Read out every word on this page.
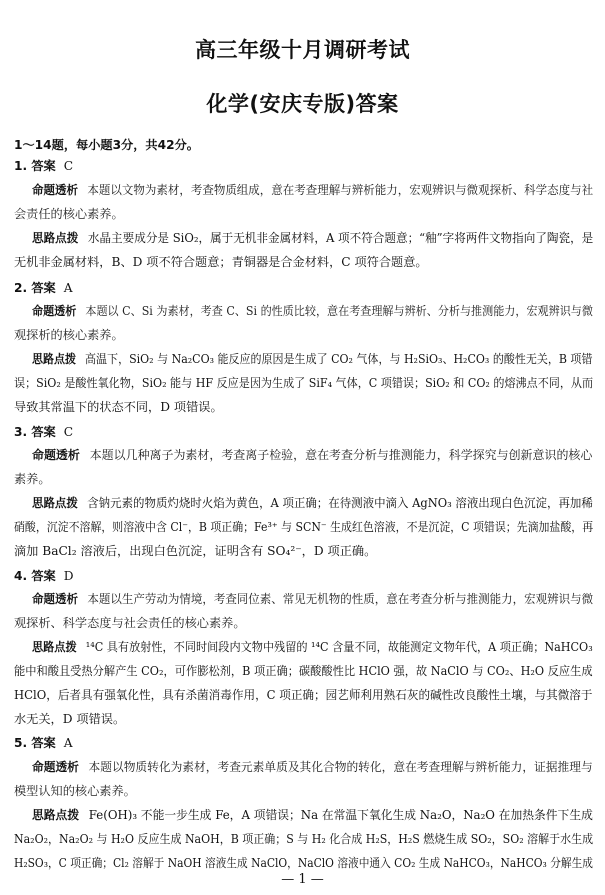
高三年级十月调研考试
化学(安庆专版)答案
1～14题，每小题3分，共42分。
1. 答案 C
命题透析 本题以文物为素材，考查物质组成，意在考查理解与辨析能力，宏观辨识与微观探析、科学态度与社
会责任的核心素养。
思路点拨 水晶主要成分是 SiO₂，属于无机非金属材料，A 项不符合题意；“釉”字将两件文物指向了陶瓷，是
无机非金属材料，B、D 项不符合题意；青铜器是合金材料，C 项符合题意。
2. 答案 A
命题透析 本题以 C、Si 为素材，考查 C、Si 的性质比较，意在考查理解与辨析、分析与推测能力，宏观辨识与微
观探析的核心素养。
思路点拨 高温下，SiO₂ 与 Na₂CO₃ 能反应的原因是生成了 CO₂ 气体，与 H₂SiO₃、H₂CO₃ 的酸性无关，B 项错
误；SiO₂ 是酸性氧化物，SiO₂ 能与 HF 反应是因为生成了 SiF₄ 气体，C 项错误；SiO₂ 和 CO₂ 的熔沸点不同，从而
导致其常温下的状态不同，D 项错误。
3. 答案 C
命题透析 本题以几种离子为素材，考查离子检验，意在考查分析与推测能力，科学探究与创新意识的核心
素养。
思路点拨 含钠元素的物质灼烧时火焰为黄色，A 项正确；在待测液中滴入 AgNO₃ 溶液出现白色沉淀，再加稀
硝酸，沉淀不溶解，则溶液中含 Cl⁻，B 项正确；Fe³⁺ 与 SCN⁻ 生成红色溶液，不是沉淀，C 项错误；先滴加盐酸，再
滴加 BaCl₂ 溶液后，出现白色沉淀，证明含有 SO₄²⁻，D 项正确。
4. 答案 D
命题透析 本题以生产劳动为情境，考查同位素、常见无机物的性质，意在考查分析与推测能力，宏观辨识与微
观探析、科学态度与社会责任的核心素养。
思路点拨 ¹⁴C 具有放射性，不同时间段内文物中残留的 ¹⁴C 含量不同，故能测定文物年代，A 项正确；NaHCO₃
能中和酸且受热分解产生 CO₂，可作膨松剂，B 项正确；碳酸酸性比 HClO 强，故 NaClO 与 CO₂、H₂O 反应生成
HClO，后者具有强氧化性，具有杀菌消毒作用，C 项正确；园艺师利用熟石灰的碱性改良酸性土壤，与其微溶于
水无关，D 项错误。
5. 答案 A
命题透析 本题以物质转化为素材，考查元素单质及其化合物的转化，意在考查理解与辨析能力，证据推理与
模型认知的核心素养。
思路点拨 Fe(OH)₃ 不能一步生成 Fe，A 项错误；Na 在常温下氧化生成 Na₂O，Na₂O 在加热条件下生成
Na₂O₂，Na₂O₂ 与 H₂O 反应生成 NaOH，B 项正确；S 与 H₂ 化合成 H₂S，H₂S 燃烧生成 SO₂，SO₂ 溶解于水生成
H₂SO₃，C 项正确；Cl₂ 溶解于 NaOH 溶液生成 NaClO，NaClO 溶液中通入 CO₂ 生成 NaHCO₃，NaHCO₃ 分解生成
— 1 —
